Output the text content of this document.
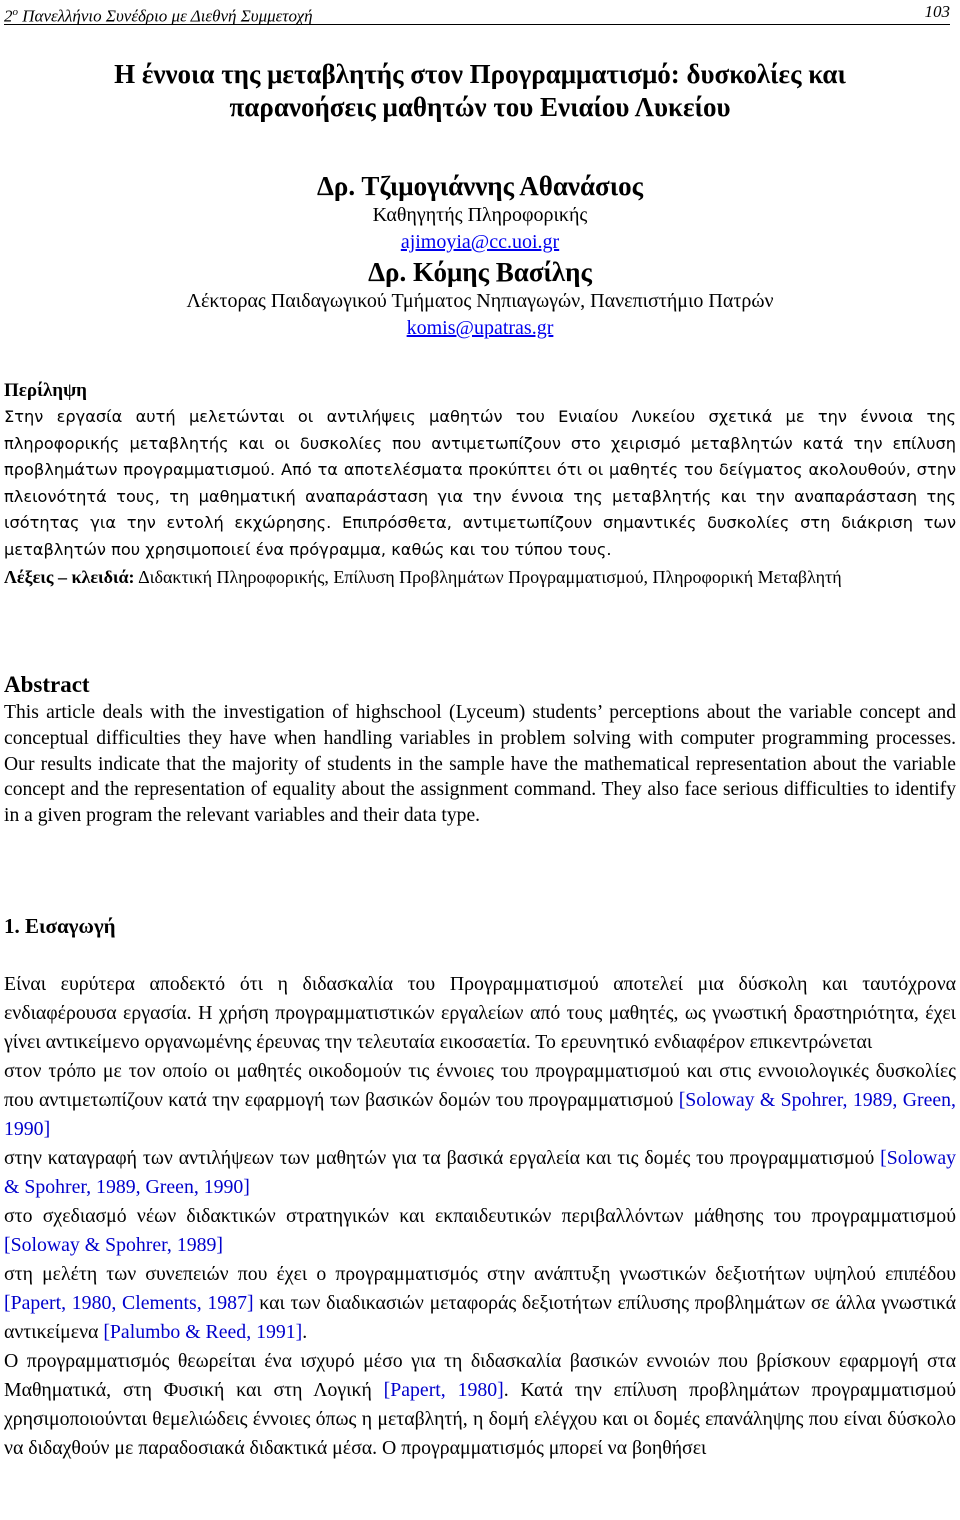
$2^o$ Πανελλήνιο Συνέδριο με Διεθνή Συμμετοχή	103
Η έννοια της μεταβλητής στον Προγραμματισμό: δυσκολίες και
παρανοήσεις μαθητών του Ενιαίου Λυκείου
Δρ. Τζιμογιάννης Αθανάσιος
Καθηγητής Πληροφορικής
ajimoyia@cc.uoi.gr
Δρ. Κόμης Βασίλης
Λέκτορας Παιδαγωγικού Τμήματος Νηπιαγωγών, Πανεπιστήμιο Πατρών
komis@upatras.gr
Περίληψη
Στην εργασία αυτή μελετώνται οι αντιλήψεις μαθητών του Ενιαίου Λυκείου σχετικά με την έννοια της πληροφορικής μεταβλητής και οι δυσκολίες που αντιμετωπίζουν στο χειρισμό μεταβλητών κατά την επίλυση προβλημάτων προγραμματισμού. Από τα αποτελέσματα προκύπτει ότι οι μαθητές του δείγματος ακολουθούν, στην πλειονότητά τους, τη μαθηματική αναπαράσταση για την έννοια της μεταβλητής και την αναπαράσταση της ισότητας για την εντολή εκχώρησης. Επιπρόσθετα, αντιμετωπίζουν σημαντικές δυσκολίες στη διάκριση των μεταβλητών που χρησιμοποιεί ένα πρόγραμμα, καθώς και του τύπου τους.
Λέξεις – κλειδιά: Διδακτική Πληροφορικής, Επίλυση Προβλημάτων Προγραμματισμού, Πληροφορική Μεταβλητή
Abstract
This article deals with the investigation of highschool (Lyceum) students’ perceptions about the variable concept and conceptual difficulties they have when handling variables in problem solving with computer programming processes. Our results indicate that the majority of students in the sample have the mathematical representation about the variable concept and the representation of equality about the assignment command. They also face serious difficulties to identify in a given program the relevant variables and their data type.
1. Εισαγωγή

Είναι ευρύτερα αποδεκτό ότι η διδασκαλία του Προγραμματισμού αποτελεί μια δύσκολη και ταυτόχρονα ενδιαφέρουσα εργασία. Η χρήση προγραμματιστικών εργαλείων από τους μαθητές, ως γνωστική δραστηριότητα, έχει γίνει αντικείμενο οργανωμένης έρευνας την τελευταία εικοσαετία. Το ερευνητικό ενδιαφέρον επικεντρώνεται

στον τρόπο με τον οποίο οι μαθητές οικοδομούν τις έννοιες του προγραμματισμού και στις εννοιολογικές δυσκολίες που αντιμετωπίζουν κατά την εφαρμογή των βασικών δομών του προγραμματισμού [Soloway & Spohrer, 1989, Green, 1990]

στην καταγραφή των αντιλήψεων των μαθητών για τα βασικά εργαλεία και τις δομές του προγραμματισμού [Soloway & Spohrer, 1989, Green, 1990]

στο σχεδιασμό νέων διδακτικών στρατηγικών και εκπαιδευτικών περιβαλλόντων μάθησης του προγραμματισμού [Soloway & Spohrer, 1989]

στη μελέτη των συνεπειών που έχει ο προγραμματισμός στην ανάπτυξη γνωστικών δεξιοτήτων υψηλού επιπέδου [Papert, 1980, Clements, 1987] και των διαδικασιών μεταφοράς δεξιοτήτων επίλυσης προβλημάτων σε άλλα γνωστικά αντικείμενα [Palumbo & Reed, 1991].

Ο προγραμματισμός θεωρείται ένα ισχυρό μέσο για τη διδασκαλία βασικών εννοιών που βρίσκουν εφαρμογή στα Μαθηματικά, στη Φυσική και στη Λογική [Papert, 1980]. Κατά την επίλυση προβλημάτων προγραμματισμού χρησιμοποιούνται θεμελιώδεις έννοιες όπως η μεταβλητή, η δομή ελέγχου και οι δομές επανάληψης που είναι δύσκολο να διδαχθούν με παραδοσιακά διδακτικά μέσα. Ο προγραμματισμός μπορεί να βοηθήσει
